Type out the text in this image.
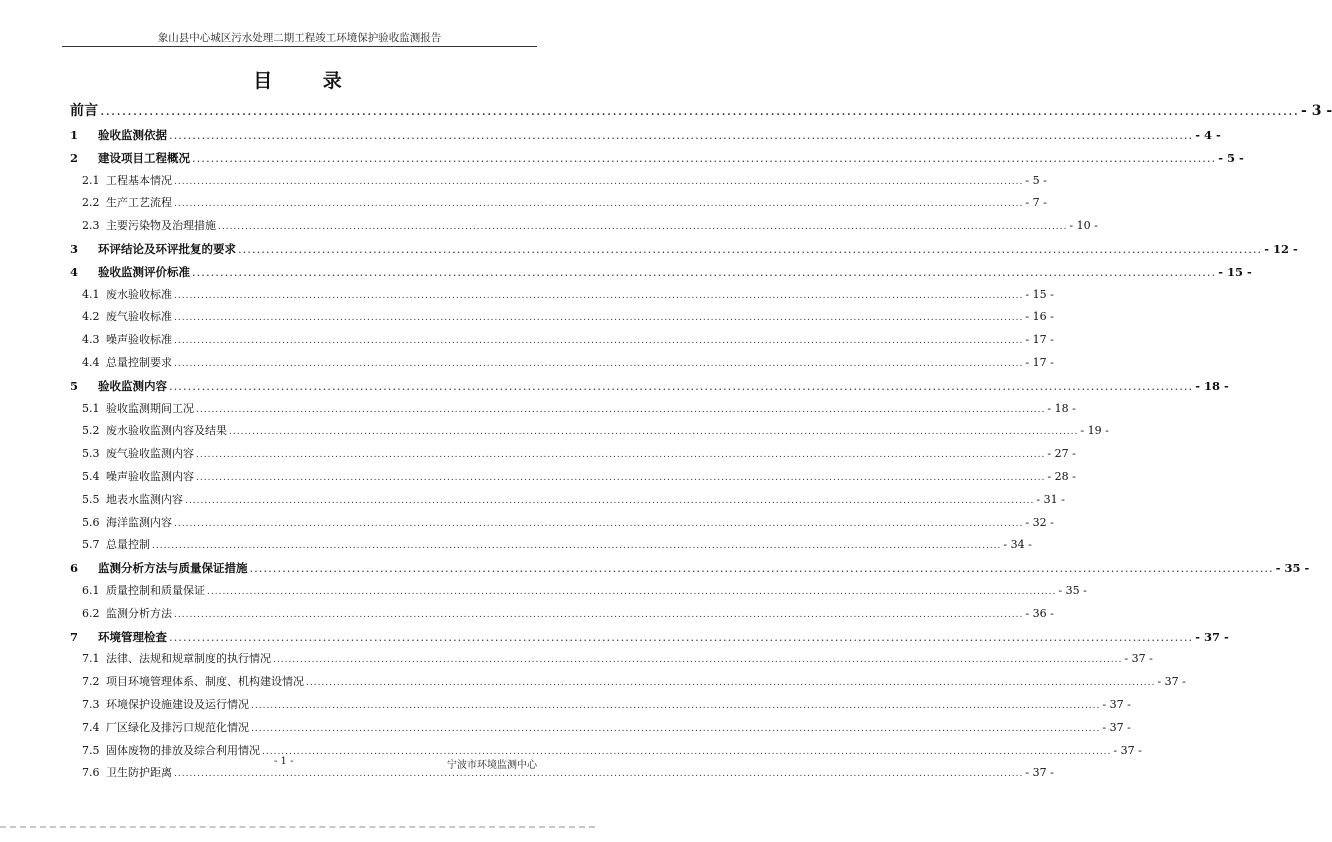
象山县中心城区污水处理二期工程竣工环境保护验收监测报告
目 录
前言 ............................................................................................................................................................................................................................ - 3 -
1	验收监测依据 ............................................................................................................................................................................................................................ - 4 -
2	建设项目工程概况 ............................................................................................................................................................................................................................ - 5 -
2.1 工程基本情况 ............................................................................................................................................................................................................................ - 5 -
2.2 生产工艺流程 ............................................................................................................................................................................................................................ - 7 -
2.3 主要污染物及治理措施 ............................................................................................................................................................................................................................ - 10 -
3	环评结论及环评批复的要求 ............................................................................................................................................................................................................................ - 12 -
4	验收监测评价标准 ............................................................................................................................................................................................................................ - 15 -
4.1 废水验收标准 ............................................................................................................................................................................................................................ - 15 -
4.2 废气验收标准 ............................................................................................................................................................................................................................ - 16 -
4.3 噪声验收标准 ............................................................................................................................................................................................................................ - 17 -
4.4 总量控制要求 ............................................................................................................................................................................................................................ - 17 -
5	验收监测内容 ............................................................................................................................................................................................................................ - 18 -
5.1 验收监测期间工况 ............................................................................................................................................................................................................................ - 18 -
5.2 废水验收监测内容及结果 ............................................................................................................................................................................................................................ - 19 -
5.3 废气验收监测内容 ............................................................................................................................................................................................................................ - 27 -
5.4 噪声验收监测内容 ............................................................................................................................................................................................................................ - 28 -
5.5 地表水监测内容 ............................................................................................................................................................................................................................ - 31 -
5.6 海洋监测内容 ............................................................................................................................................................................................................................ - 32 -
5.7 总量控制 ............................................................................................................................................................................................................................ - 34 -
6	监测分析方法与质量保证措施 ............................................................................................................................................................................................................................ - 35 -
6.1 质量控制和质量保证 ............................................................................................................................................................................................................................ - 35 -
6.2 监测分析方法 ............................................................................................................................................................................................................................ - 36 -
7	环境管理检查 ............................................................................................................................................................................................................................ - 37 -
7.1 法律、法规和规章制度的执行情况 ............................................................................................................................................................................................................................ - 37 -
7.2 项目环境管理体系、制度、机构建设情况 ............................................................................................................................................................................................................................ - 37 -
7.3 环境保护设施建设及运行情况 ............................................................................................................................................................................................................................ - 37 -
7.4 厂区绿化及排污口规范化情况 ............................................................................................................................................................................................................................ - 37 -
7.5 固体废物的排放及综合利用情况 ............................................................................................................................................................................................................................ - 37 -
7.6 卫生防护距离 ............................................................................................................................................................................................................................ - 37 -
- 1 -	宁波市环境监测中心
